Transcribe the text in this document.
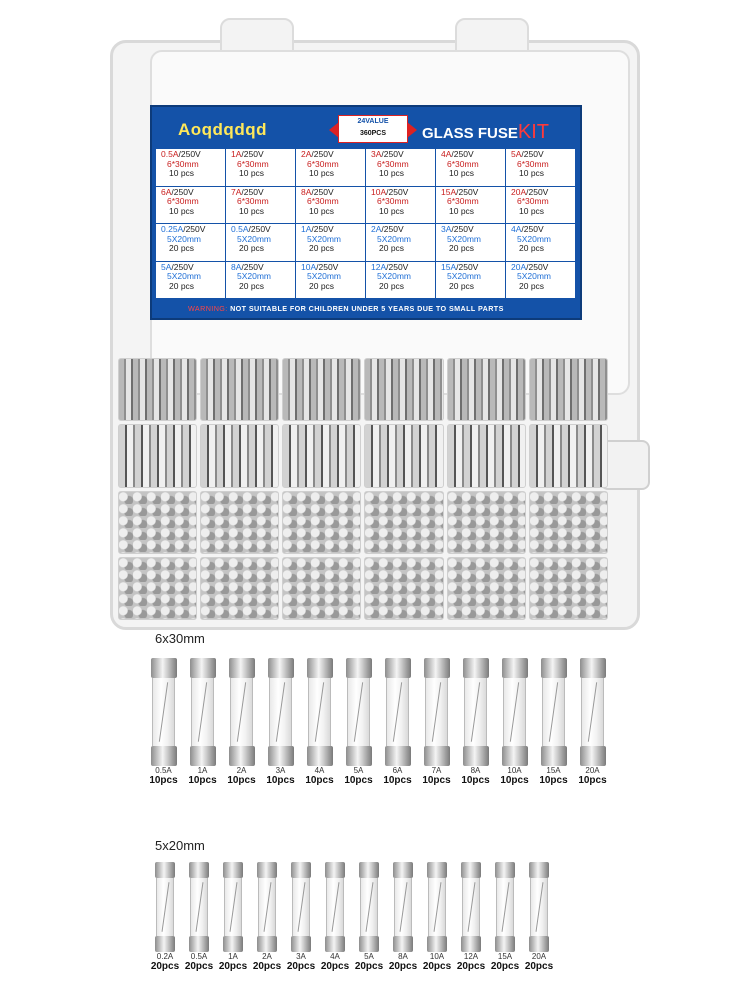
Aoqdqdqd	24VALUE
360PCS	GLASS FUSEKIT
0.5A/250V
6*30mm
10 pcs
1A/250V
6*30mm
10 pcs
2A/250V
6*30mm
10 pcs
3A/250V
6*30mm
10 pcs
4A/250V
6*30mm
10 pcs
5A/250V
6*30mm
10 pcs
6A/250V
6*30mm
10 pcs
7A/250V
6*30mm
10 pcs
8A/250V
6*30mm
10 pcs
10A/250V
6*30mm
10 pcs
15A/250V
6*30mm
10 pcs
20A/250V
6*30mm
10 pcs
0.25A/250V
5X20mm
20 pcs
0.5A/250V
5X20mm
20 pcs
1A/250V
5X20mm
20 pcs
2A/250V
5X20mm
20 pcs
3A/250V
5X20mm
20 pcs
4A/250V
5X20mm
20 pcs
5A/250V
5X20mm
20 pcs
8A/250V
5X20mm
20 pcs
10A/250V
5X20mm
20 pcs
12A/250V
5X20mm
20 pcs
15A/250V
5X20mm
20 pcs
20A/250V
5X20mm
20 pcs
WARNING: NOT SUITABLE FOR CHILDREN UNDER 5 YEARS DUE TO SMALL PARTS
6x30mm
0.5A
10pcs
1A
10pcs
2A
10pcs
3A
10pcs
4A
10pcs
5A
10pcs
6A
10pcs
7A
10pcs
8A
10pcs
10A
10pcs
15A
10pcs
20A
10pcs
5x20mm
0.2A
20pcs
0.5A
20pcs
1A
20pcs
2A
20pcs
3A
20pcs
4A
20pcs
5A
20pcs
8A
20pcs
10A
20pcs
12A
20pcs
15A
20pcs
20A
20pcs
